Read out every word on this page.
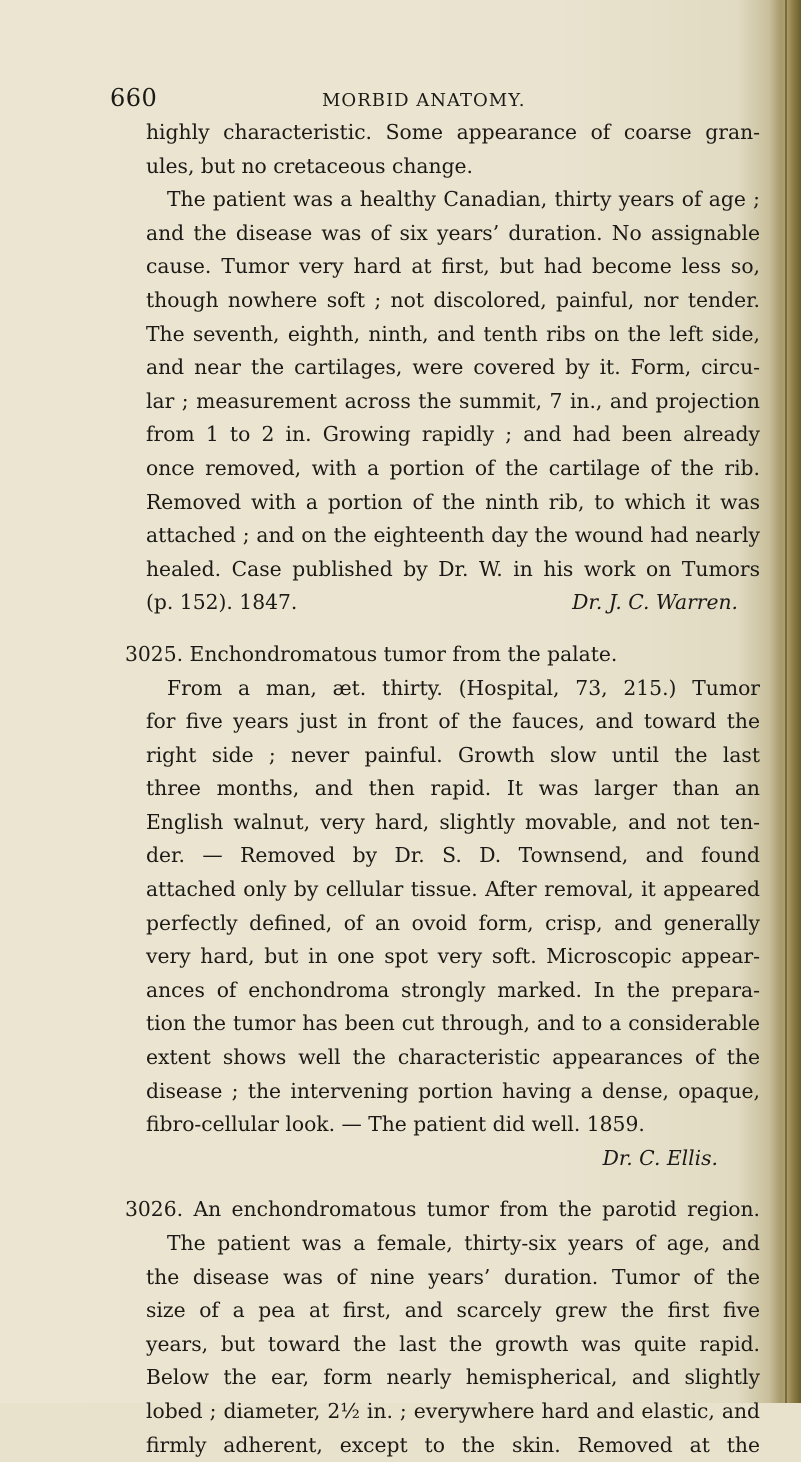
660	MORBID ANATOMY.
highly characteristic. Some appearance of coarse gran-
ules, but no cretaceous change.
The patient was a healthy Canadian, thirty years of age ;
and the disease was of six years’ duration. No assignable
cause. Tumor very hard at first, but had become less so,
though nowhere soft ; not discolored, painful, nor tender.
The seventh, eighth, ninth, and tenth ribs on the left side,
and near the cartilages, were covered by it. Form, circu-
lar ; measurement across the summit, 7 in., and projection
from 1 to 2 in. Growing rapidly ; and had been already
once removed, with a portion of the cartilage of the rib.
Removed with a portion of the ninth rib, to which it was
attached ; and on the eighteenth day the wound had nearly
healed. Case published by Dr. W. in his work on Tumors
(p. 152). 1847.	Dr. J. C. Warren.
3025. Enchondromatous tumor from the palate.
From a man, æt. thirty. (Hospital, 73, 215.) Tumor
for five years just in front of the fauces, and toward the
right side ; never painful. Growth slow until the last
three months, and then rapid. It was larger than an
English walnut, very hard, slightly movable, and not ten-
der. — Removed by Dr. S. D. Townsend, and found
attached only by cellular tissue. After removal, it appeared
perfectly defined, of an ovoid form, crisp, and generally
very hard, but in one spot very soft. Microscopic appear-
ances of enchondroma strongly marked. In the prepara-
tion the tumor has been cut through, and to a considerable
extent shows well the characteristic appearances of the
disease ; the intervening portion having a dense, opaque,
fibro-cellular look. — The patient did well. 1859.
Dr. C. Ellis.
3026. An enchondromatous tumor from the parotid region.
The patient was a female, thirty-six years of age, and
the disease was of nine years’ duration. Tumor of the
size of a pea at first, and scarcely grew the first five
years, but toward the last the growth was quite rapid.
Below the ear, form nearly hemispherical, and slightly
lobed ; diameter, 2½ in. ; everywhere hard and elastic, and
firmly adherent, except to the skin. Removed at the
